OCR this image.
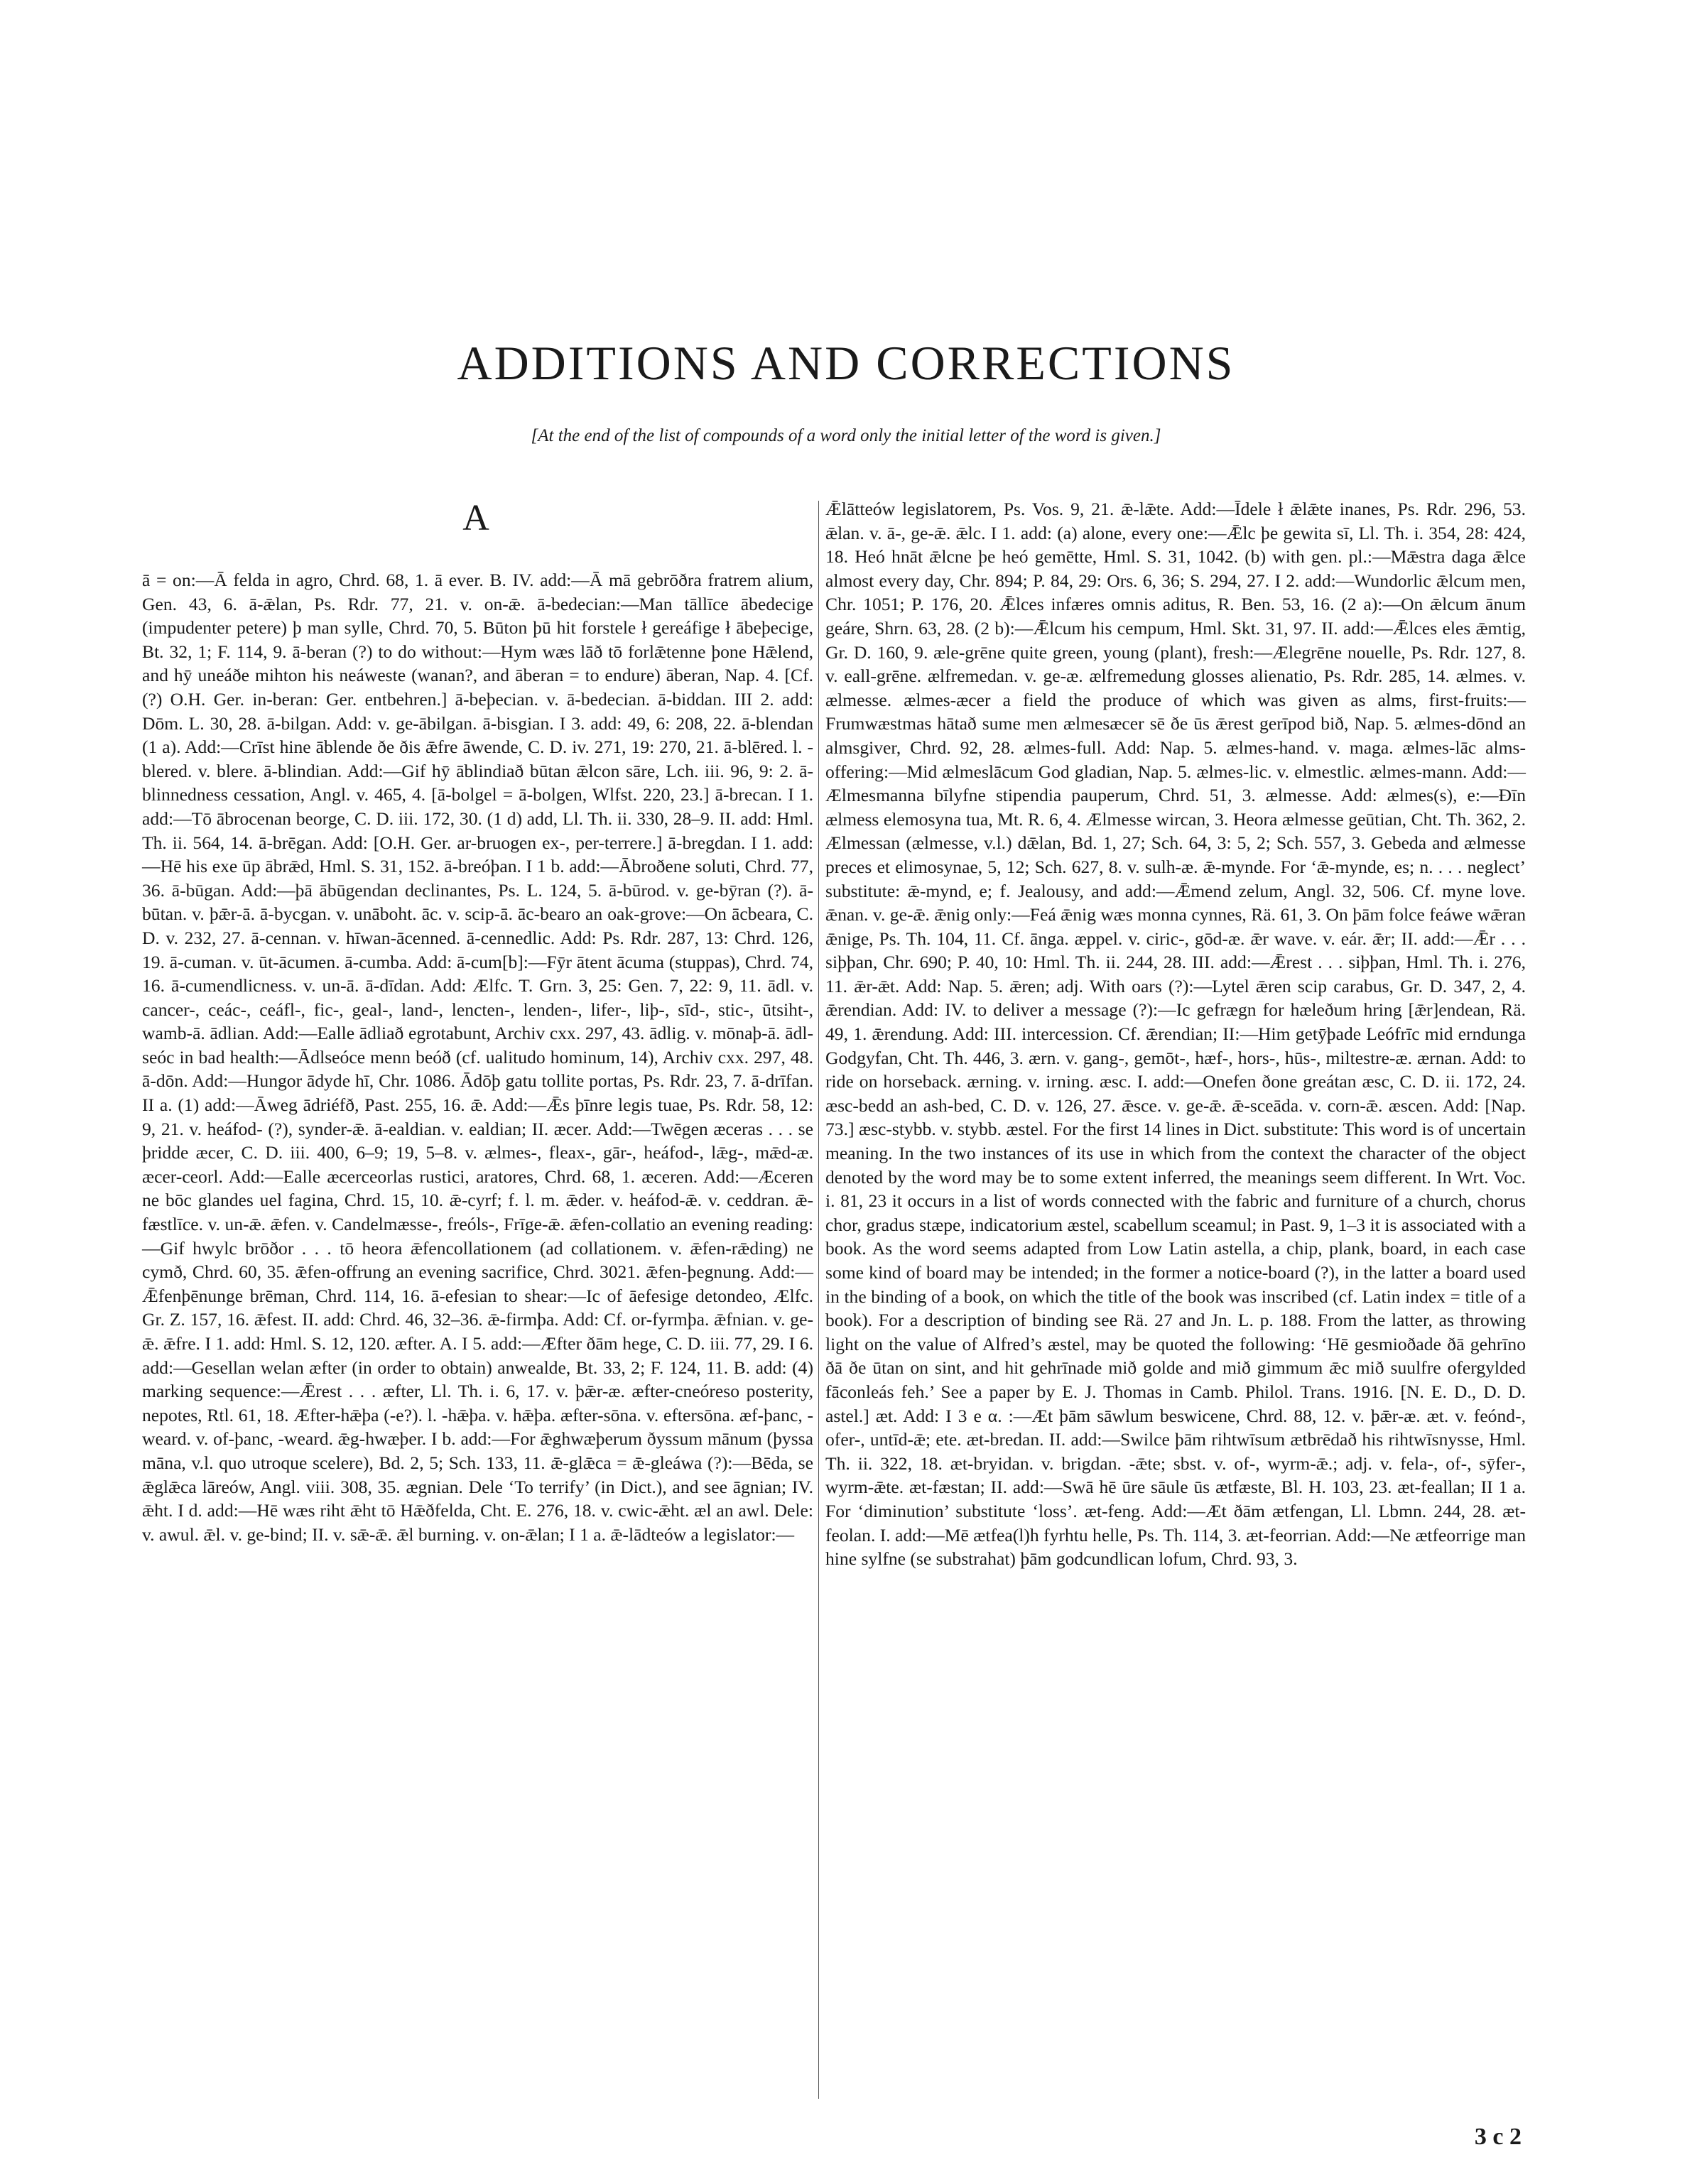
ADDITIONS AND CORRECTIONS
[At the end of the list of compounds of a word only the initial letter of the word is given.]
A

ā = on:—Ā felda in agro, Chrd. 68, 1. ā ever. B. IV. add:—Ā mā gebrōðra fratrem alium, Gen. 43, 6. ā-ǣlan, Ps. Rdr. 77, 21. v. on-ǣ. ā-bedecian:—Man tāllīce ābedecige (impudenter petere) þ man sylle, Chrd. 70, 5. Būton þū hit forstele ł gereáfige ł ābeþecige, Bt. 32, 1; F. 114, 9. ā-beran (?) to do without:—Hym wæs lāð tō forlǣtenne þone Hǣlend, and hȳ uneáðe mihton his neáweste (wanan?, and āberan = to endure) āberan, Nap. 4. [Cf. (?) O.H. Ger. in-beran: Ger. entbehren.] ā-beþecian. v. ā-bedecian. ā-biddan. III 2. add: Dōm. L. 30, 28. ā-bilgan. Add: v. ge-ābilgan. ā-bisgian. I 3. add: 49, 6: 208, 22. ā-blendan (1 a). Add:—Crīst hine āblende ðe ðis ǣfre āwende, C. D. iv. 271, 19: 270, 21. ā-blēred. l. -blered. v. blere. ā-blindian. Add:—Gif hȳ āblindiað būtan ǣlcon sāre, Lch. iii. 96, 9: 2. ā-blinnedness cessation, Angl. v. 465, 4. [ā-bolgel = ā-bolgen, Wlfst. 220, 23.] ā-brecan. I 1. add:—Tō ābrocenan beorge, C. D. iii. 172, 30. (1 d) add, Ll. Th. ii. 330, 28–9. II. add: Hml. Th. ii. 564, 14. ā-brēgan. Add: [O.H. Ger. ar-bruogen ex-, per-terrere.] ā-bregdan. I 1. add:—Hē his exe ūp ābrǣd, Hml. S. 31, 152. ā-breóþan. I 1 b. add:—Ābroðene soluti, Chrd. 77, 36. ā-būgan. Add:—þā ābūgendan declinantes, Ps. L. 124, 5. ā-būrod. v. ge-bȳran (?). ā-būtan. v. þǣr-ā. ā-bycgan. v. unāboht. āc. v. scip-ā. āc-bearo an oak-grove:—On ācbeara, C. D. v. 232, 27. ā-cennan. v. hīwan-ācenned. ā-cennedlic. Add: Ps. Rdr. 287, 13: Chrd. 126, 19. ā-cuman. v. ūt-ācumen. ā-cumba. Add: ā-cum[b]:—Fȳr ātent ācuma (stuppas), Chrd. 74, 16. ā-cumendlicness. v. un-ā. ā-dīdan. Add: Ælfc. T. Grn. 3, 25: Gen. 7, 22: 9, 11. ādl. v. cancer-, ceác-, ceáfl-, fic-, geal-, land-, lencten-, lenden-, lifer-, liþ-, sīd-, stic-, ūtsiht-, wamb-ā. ādlian. Add:—Ealle ādliað egrotabunt, Archiv cxx. 297, 43. ādlig. v. mōnaþ-ā. ādl-seóc in bad health:—Ādlseóce menn beóð (cf. ualitudo hominum, 14), Archiv cxx. 297, 48. ā-dōn. Add:—Hungor ādyde hī, Chr. 1086. Ādōþ gatu tollite portas, Ps. Rdr. 23, 7. ā-drīfan. II a. (1) add:—Āweg ādriéfð, Past. 255, 16. ǣ. Add:—Ǣs þīnre legis tuae, Ps. Rdr. 58, 12: 9, 21. v. heáfod- (?), synder-ǣ. ā-ealdian. v. ealdian; II. æcer. Add:—Twēgen æceras . . . se þridde æcer, C. D. iii. 400, 6–9; 19, 5–8. v. ælmes-, fleax-, gār-, heáfod-, lǣg-, mǣd-æ. æcer-ceorl. Add:—Ealle æcerceorlas rustici, aratores, Chrd. 68, 1. æceren. Add:—Æceren ne bōc glandes uel fagina, Chrd. 15, 10. ǣ-cyrf; f. l. m. ǣder. v. heáfod-ǣ. v. ceddran. ǣ-fæstlīce. v. un-ǣ. ǣfen. v. Candelmæsse-, freóls-, Frīge-ǣ. ǣfen-collatio an evening reading:—Gif hwylc brōðor . . . tō heora ǣfencollationem (ad collationem. v. ǣfen-rǣding) ne cymð, Chrd. 60, 35. ǣfen-offrung an evening sacrifice, Chrd. 3021. ǣfen-þegnung. Add:—Ǣfenþēnunge brēman, Chrd. 114, 16. ā-efesian to shear:—Ic of āefesige detondeo, Ælfc. Gr. Z. 157, 16. ǣfest. II. add: Chrd. 46, 32–36. ǣ-firmþa. Add: Cf. or-fyrmþa. ǣfnian. v. ge-ǣ. ǣfre. I 1. add: Hml. S. 12, 120. æfter. A. I 5. add:—Æfter ðām hege, C. D. iii. 77, 29. I 6. add:—Gesellan welan æfter (in order to obtain) anwealde, Bt. 33, 2; F. 124, 11. B. add: (4) marking sequence:—Ǣrest . . . æfter, Ll. Th. i. 6, 17. v. þǣr-æ. æfter-cneóreso posterity, nepotes, Rtl. 61, 18. Æfter-hǣþa (-e?). l. -hǣþa. v. hǣþa. æfter-sōna. v. eftersōna. æf-þanc, -weard. v. of-þanc, -weard. ǣg-hwæþer. I b. add:—For ǣghwæþerum ðyssum mānum (þyssa māna, v.l. quo utroque scelere), Bd. 2, 5; Sch. 133, 11. ǣ-glǣca = ǣ-gleáwa (?):—Bēda, se ǣglǣca lāreów, Angl. viii. 308, 35. ægnian. Dele ‘To terrify’ (in Dict.), and see āgnian; IV. ǣht. I d. add:—Hē wæs riht ǣht tō Hǣðfelda, Cht. E. 276, 18. v. cwic-ǣht. æl an awl. Dele: v. awul. ǣl. v. ge-bind; II. v. sǣ-ǣ. ǣl burning. v. on-ǣlan; I 1 a. ǣ-lādteów a legislator:—

Ǣlātteów legislatorem, Ps. Vos. 9, 21. ǣ-lǣte. Add:—Īdele ł ǣlǣte inanes, Ps. Rdr. 296, 53. ǣlan. v. ā-, ge-ǣ. ǣlc. I 1. add: (a) alone, every one:—Ǣlc þe gewita sī, Ll. Th. i. 354, 28: 424, 18. Heó hnāt ǣlcne þe heó gemētte, Hml. S. 31, 1042. (b) with gen. pl.:—Mǣstra daga ǣlce almost every day, Chr. 894; P. 84, 29: Ors. 6, 36; S. 294, 27. I 2. add:—Wundorlic ǣlcum men, Chr. 1051; P. 176, 20. Ǣlces infæres omnis aditus, R. Ben. 53, 16. (2 a):—On ǣlcum ānum geáre, Shrn. 63, 28. (2 b):—Ǣlcum his cempum, Hml. Skt. 31, 97. II. add:—Ǣlces eles ǣmtig, Gr. D. 160, 9. æle-grēne quite green, young (plant), fresh:—Ælegrēne nouelle, Ps. Rdr. 127, 8. v. eall-grēne. ælfremedan. v. ge-æ. ælfremedung glosses alienatio, Ps. Rdr. 285, 14. ælmes. v. ælmesse. ælmes-æcer a field the produce of which was given as alms, first-fruits:—Frumwæstmas hātað sume men ælmesæcer sē ðe ūs ǣrest gerīpod bið, Nap. 5. ælmes-dōnd an almsgiver, Chrd. 92, 28. ælmes-full. Add: Nap. 5. ælmes-hand. v. maga. ælmes-lāc alms-offering:—Mid ælmeslācum God gladian, Nap. 5. ælmes-lic. v. elmestlic. ælmes-mann. Add:—Ælmesmanna bīlyfne stipendia pauperum, Chrd. 51, 3. ælmesse. Add: ælmes(s), e:—Ðīn ælmess elemosyna tua, Mt. R. 6, 4. Ælmesse wircan, 3. Heora ælmesse geūtian, Cht. Th. 362, 2. Ælmessan (ælmesse, v.l.) dǣlan, Bd. 1, 27; Sch. 64, 3: 5, 2; Sch. 557, 3. Gebeda and ælmesse preces et elimosynae, 5, 12; Sch. 627, 8. v. sulh-æ. ǣ-mynde. For ‘ǣ-mynde, es; n. . . . neglect’ substitute: ǣ-mynd, e; f. Jealousy, and add:—Ǣmend zelum, Angl. 32, 506. Cf. myne love. ǣnan. v. ge-ǣ. ǣnig only:—Feá ǣnig wæs monna cynnes, Rä. 61, 3. On þām folce feáwe wǣran ǣnige, Ps. Th. 104, 11. Cf. ānga. æppel. v. ciric-, gōd-æ. ǣr wave. v. eár. ǣr; II. add:—Ǣr . . . siþþan, Chr. 690; P. 40, 10: Hml. Th. ii. 244, 28. III. add:—Ǣrest . . . siþþan, Hml. Th. i. 276, 11. ǣr-ǣt. Add: Nap. 5. ǣren; adj. With oars (?):—Lytel ǣren scip carabus, Gr. D. 347, 2, 4. ǣrendian. Add: IV. to deliver a message (?):—Ic gefrægn for hæleðum hring [ǣr]endean, Rä. 49, 1. ǣrendung. Add: III. intercession. Cf. ǣrendian; II:—Him getȳþade Leófrīc mid erndunga Godgyfan, Cht. Th. 446, 3. ærn. v. gang-, gemōt-, hæf-, hors-, hūs-, miltestre-æ. ærnan. Add: to ride on horseback. ærning. v. irning. æsc. I. add:—Onefen ðone greátan æsc, C. D. ii. 172, 24. æsc-bedd an ash-bed, C. D. v. 126, 27. ǣsce. v. ge-ǣ. ǣ-sceāda. v. corn-ǣ. æscen. Add: [Nap. 73.] æsc-stybb. v. stybb. æstel. For the first 14 lines in Dict. substitute: This word is of uncertain meaning. In the two instances of its use in which from the context the character of the object denoted by the word may be to some extent inferred, the meanings seem different. In Wrt. Voc. i. 81, 23 it occurs in a list of words connected with the fabric and furniture of a church, chorus chor, gradus stæpe, indicatorium æstel, scabellum sceamul; in Past. 9, 1–3 it is associated with a book. As the word seems adapted from Low Latin astella, a chip, plank, board, in each case some kind of board may be intended; in the former a notice-board (?), in the latter a board used in the binding of a book, on which the title of the book was inscribed (cf. Latin index = title of a book). For a description of binding see Rä. 27 and Jn. L. p. 188. From the latter, as throwing light on the value of Alfred’s æstel, may be quoted the following: ‘Hē gesmioðade ðā gehrīno ðā ðe ūtan on sint, and hit gehrīnade mið golde and mið gimmum ǣc mið suulfre ofergylded fāconleás feh.’ See a paper by E. J. Thomas in Camb. Philol. Trans. 1916. [N. E. D., D. D. astel.] æt. Add: I 3 e α. :—Æt þām sāwlum beswicene, Chrd. 88, 12. v. þǣr-æ. æt. v. feónd-, ofer-, untīd-ǣ; ete. æt-bredan. II. add:—Swilce þām rihtwīsum ætbrēdað his rihtwīsnysse, Hml. Th. ii. 322, 18. æt-bryidan. v. brigdan. -ǣte; sbst. v. of-, wyrm-ǣ.; adj. v. fela-, of-, sȳfer-, wyrm-ǣte. æt-fæstan; II. add:—Swā hē ūre sāule ūs ætfæste, Bl. H. 103, 23. æt-feallan; II 1 a. For ‘diminution’ substitute ‘loss’. æt-feng. Add:—Æt ðām ætfengan, Ll. Lbmn. 244, 28. æt-feolan. I. add:—Mē ætfea(l)h fyrhtu helle, Ps. Th. 114, 3. æt-feorrian. Add:—Ne ætfeorrige man hine sylfne (se substrahat) þām godcundlican lofum, Chrd. 93, 3.

3 c 2
